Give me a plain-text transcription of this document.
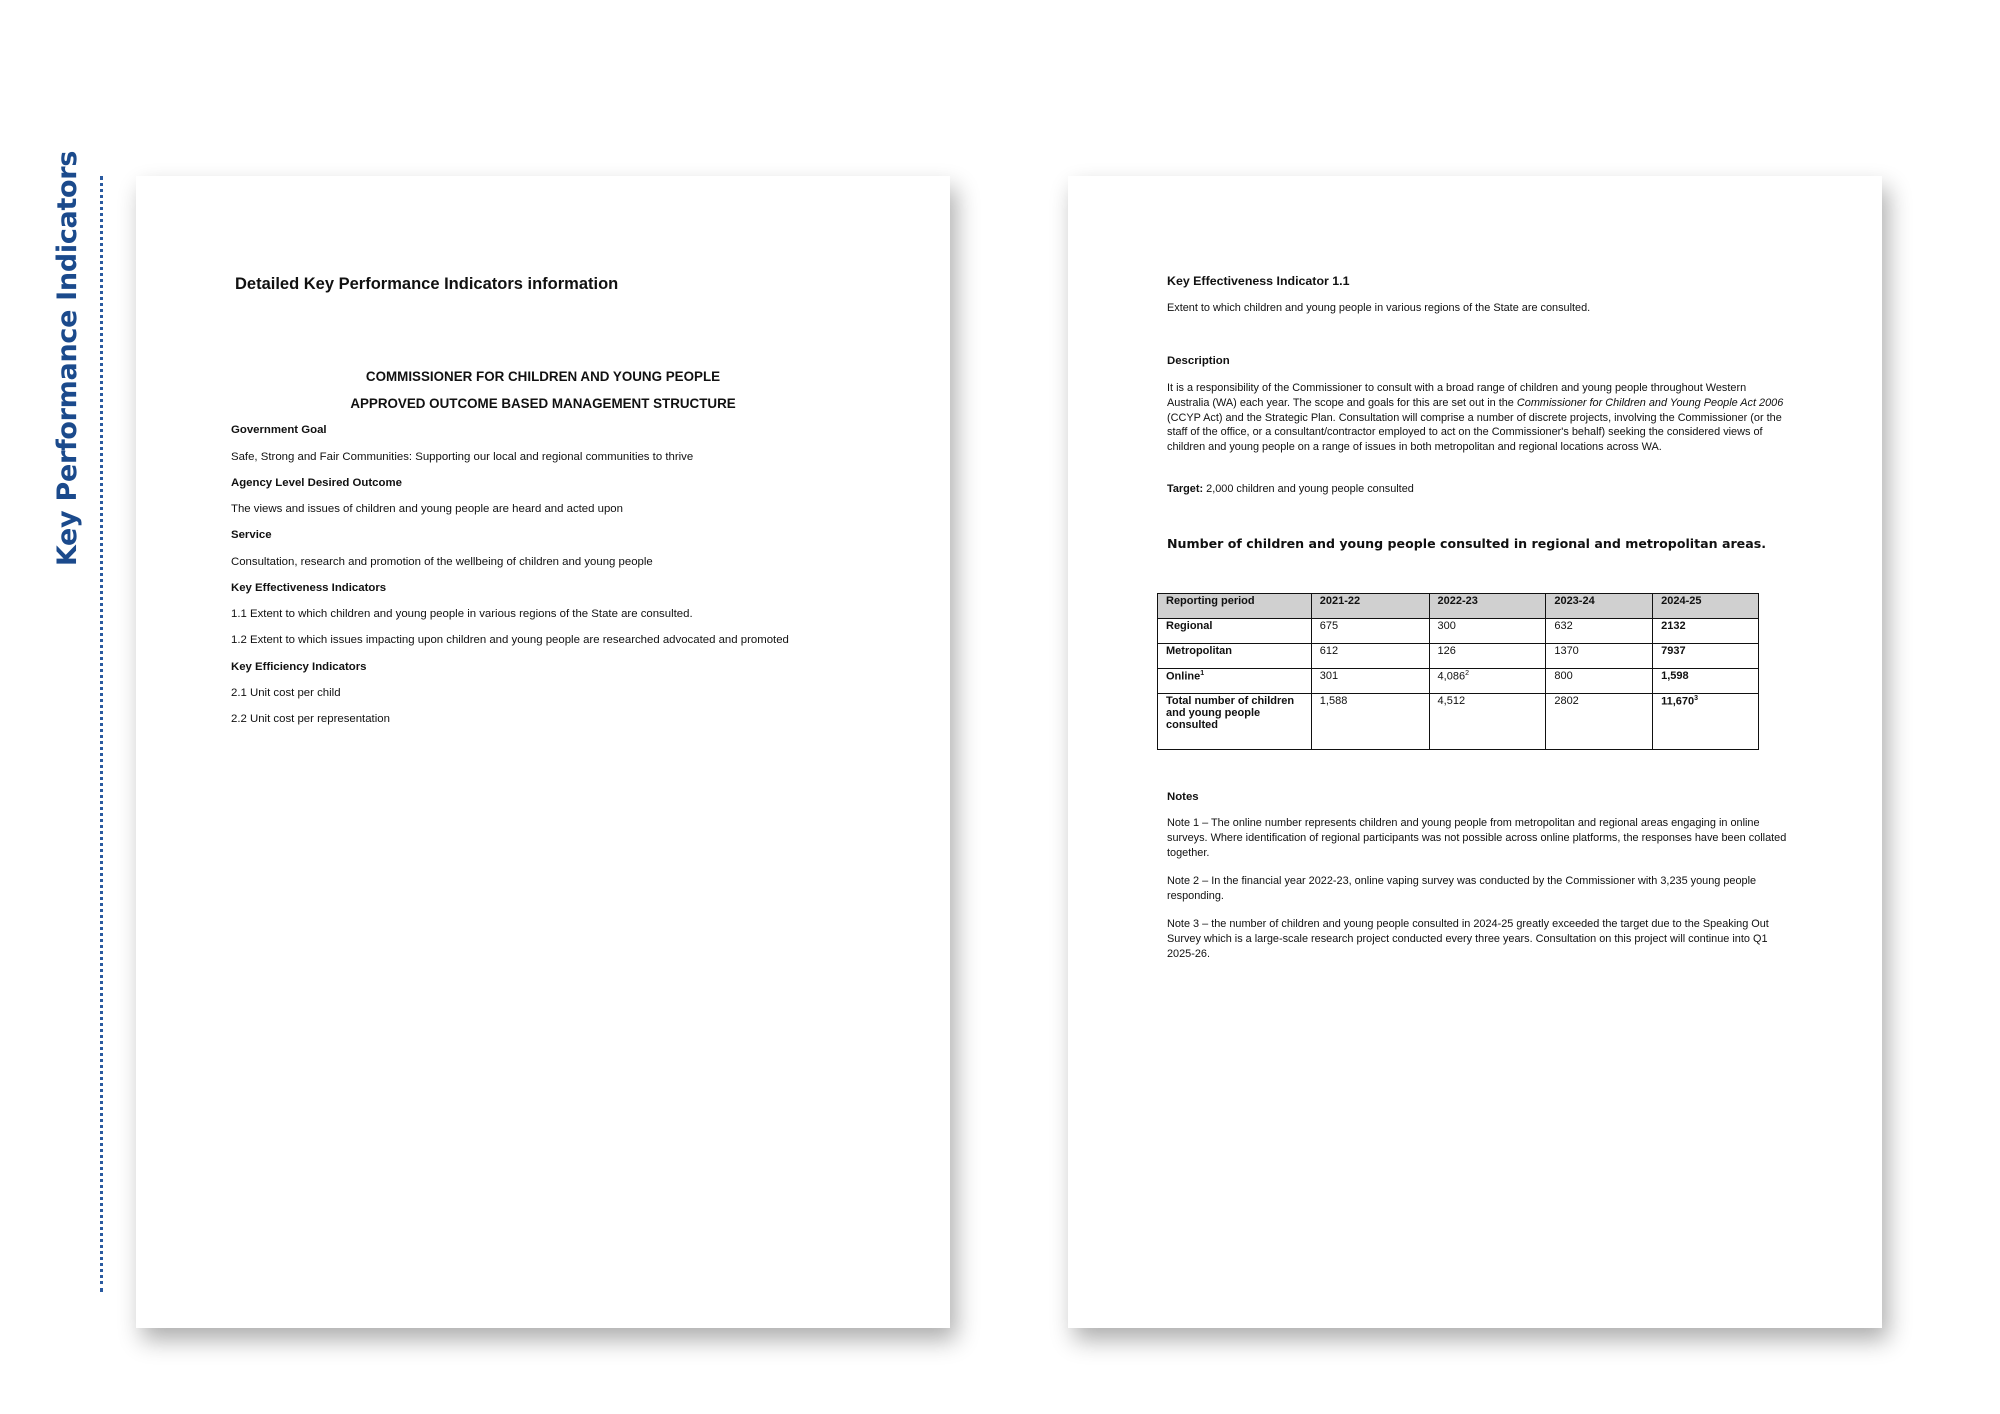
Key Performance Indicators	Detailed Key Performance Indicators information
COMMISSIONER FOR CHILDREN AND YOUNG PEOPLE
APPROVED OUTCOME BASED MANAGEMENT STRUCTURE
Government Goal
Safe, Strong and Fair Communities: Supporting our local and regional communities to thrive
Agency Level Desired Outcome
The views and issues of children and young people are heard and acted upon
Service
Consultation, research and promotion of the wellbeing of children and young people
Key Effectiveness Indicators
1.1 Extent to which children and young people in various regions of the State are consulted.
1.2 Extent to which issues impacting upon children and young people are researched advocated and promoted
Key Efficiency Indicators
2.1 Unit cost per child
2.2 Unit cost per representation
Key Effectiveness Indicator 1.1
Extent to which children and young people in various regions of the State are consulted.
Description
It is a responsibility of the Commissioner to consult with a broad range of children and young people throughout Western Australia (WA) each year. The scope and goals for this are set out in the Commissioner for Children and Young People Act 2006 (CCYP Act) and the Strategic Plan. Consultation will comprise a number of discrete projects, involving the Commissioner (or the staff of the office, or a consultant/contractor employed to act on the Commissioner's behalf) seeking the considered views of children and young people on a range of issues in both metropolitan and regional locations across WA.
Target: 2,000 children and young people consulted
Number of children and young people consulted in regional and metropolitan areas.
Reporting period	2021-22	2022-23	2023-24	2024-25
Regional	675	300	632	2132
Metropolitan	612	126	1370	7937
Online$^1$	301	4,086$^2$	800	1,598
Total number of children and young people consulted	1,588	4,512	2802	11,670$^3$
Notes
Note 1 – The online number represents children and young people from metropolitan and regional areas engaging in online surveys. Where identification of regional participants was not possible across online platforms, the responses have been collated together.
Note 2 – In the financial year 2022-23, online vaping survey was conducted by the Commissioner with 3,235 young people responding.
Note 3 – the number of children and young people consulted in 2024-25 greatly exceeded the target due to the Speaking Out Survey which is a large-scale research project conducted every three years. Consultation on this project will continue into Q1 2025-26.
